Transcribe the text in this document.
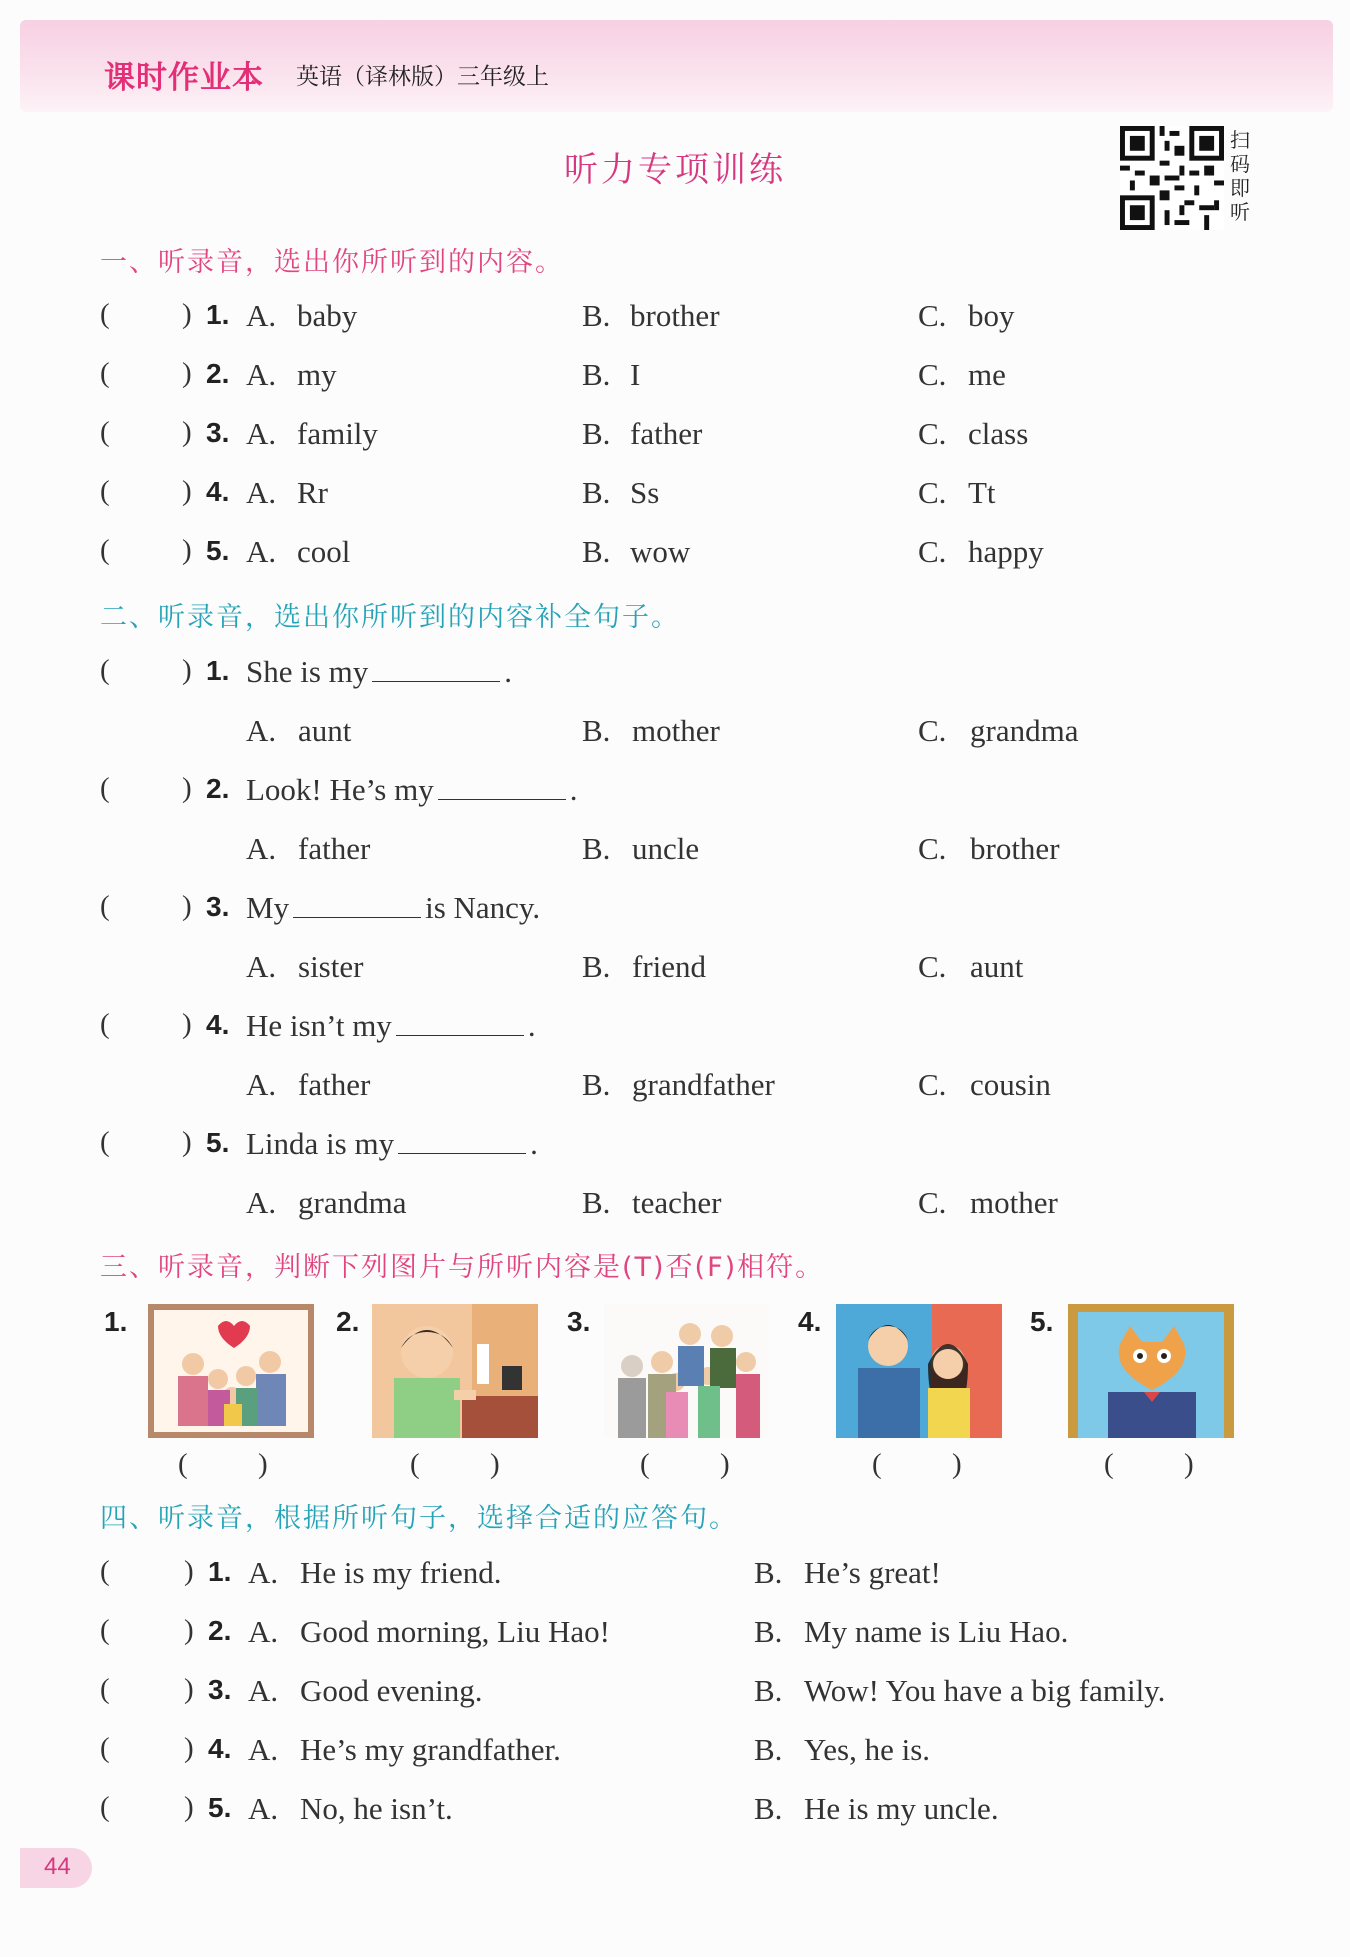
课时作业本 英语（译林版）三年级上
听力专项训练
扫码即听
一、听录音，选出你所听到的内容。
( ) 1. A. baby	B. brother	C. boy
( ) 2. A. my	B. I	C. me
( ) 3. A. family	B. father	C. class
( ) 4. A. Rr	B. Ss	C. Tt
( ) 5. A. cool	B. wow	C. happy
二、听录音，选出你所听到的内容补全句子。
( ) 1. She is my	.
A. aunt	B. mother	C. grandma
( ) 2. Look! He’s my	.
A. father	B. uncle	C. brother
( ) 3. My	is Nancy.
A. sister	B. friend	C. aunt
( ) 4. He isn’t my	.
A. father	B. grandfather	C. cousin
( ) 5. Linda is my	.
A. grandma	B. teacher	C. mother
三、听录音，判断下列图片与所听内容是(T)否(F)相符。
1.
( )
2.
( )
3.
( )
4.
( )
5.
( )
四、听录音，根据所听句子，选择合适的应答句。
(	) 1. A. He is my friend.	B. He’s great!
(	) 2. A. Good morning, Liu Hao!	B. My name is Liu Hao.
(	) 3. A. Good evening.	B. Wow! You have a big family.
(	) 4. A. He’s my grandfather.	B. Yes, he is.
(	) 5. A. No, he isn’t.	B. He is my uncle.
44
